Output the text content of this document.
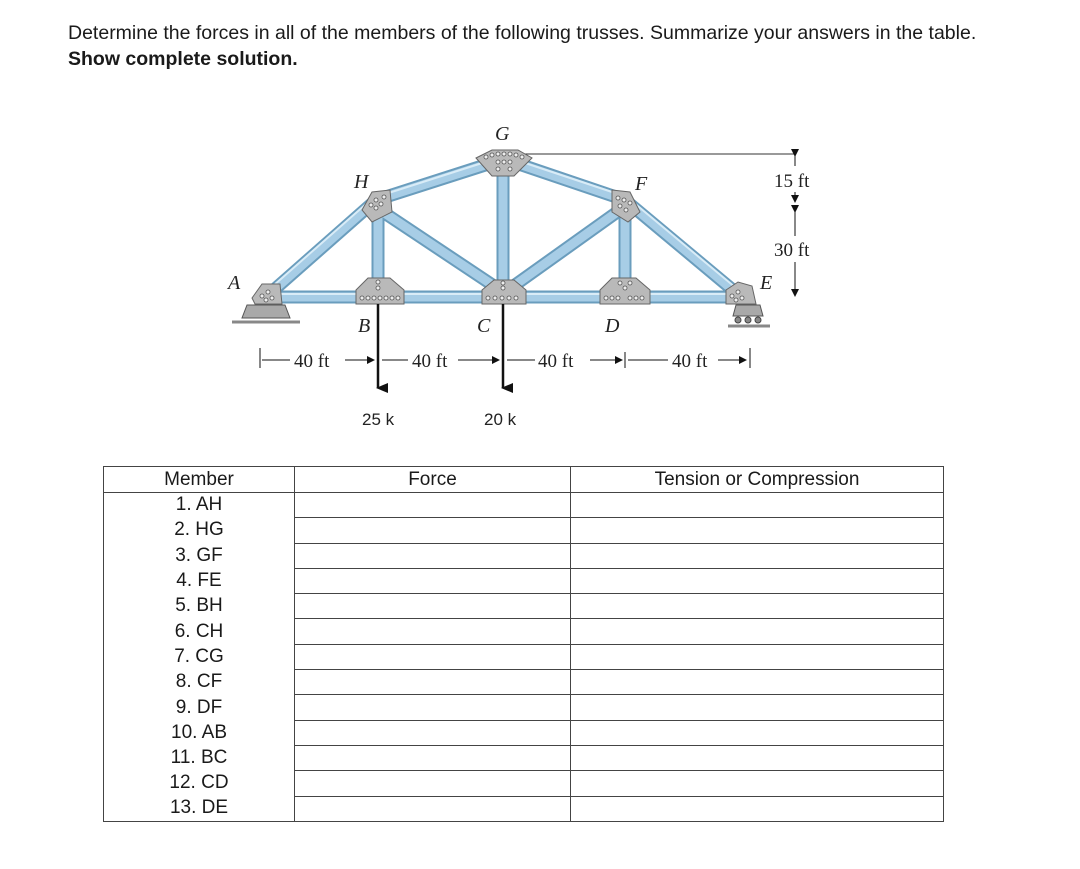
Determine the forces in all of the members of the following trusses. Summarize your answers in the table. Show complete solution.
A
H
G
F
E
B	C	D
40 ft	40 ft	40 ft	40 ft
15 ft
30 ft
25 k	20 k
Member	Force	Tension or Compression
1. AH		
2. HG		
3. GF		
4. FE		
5. BH		
6. CH		
7. CG		
8. CF		
9. DF		
10. AB		
11. BC		
12. CD		
13. DE		
